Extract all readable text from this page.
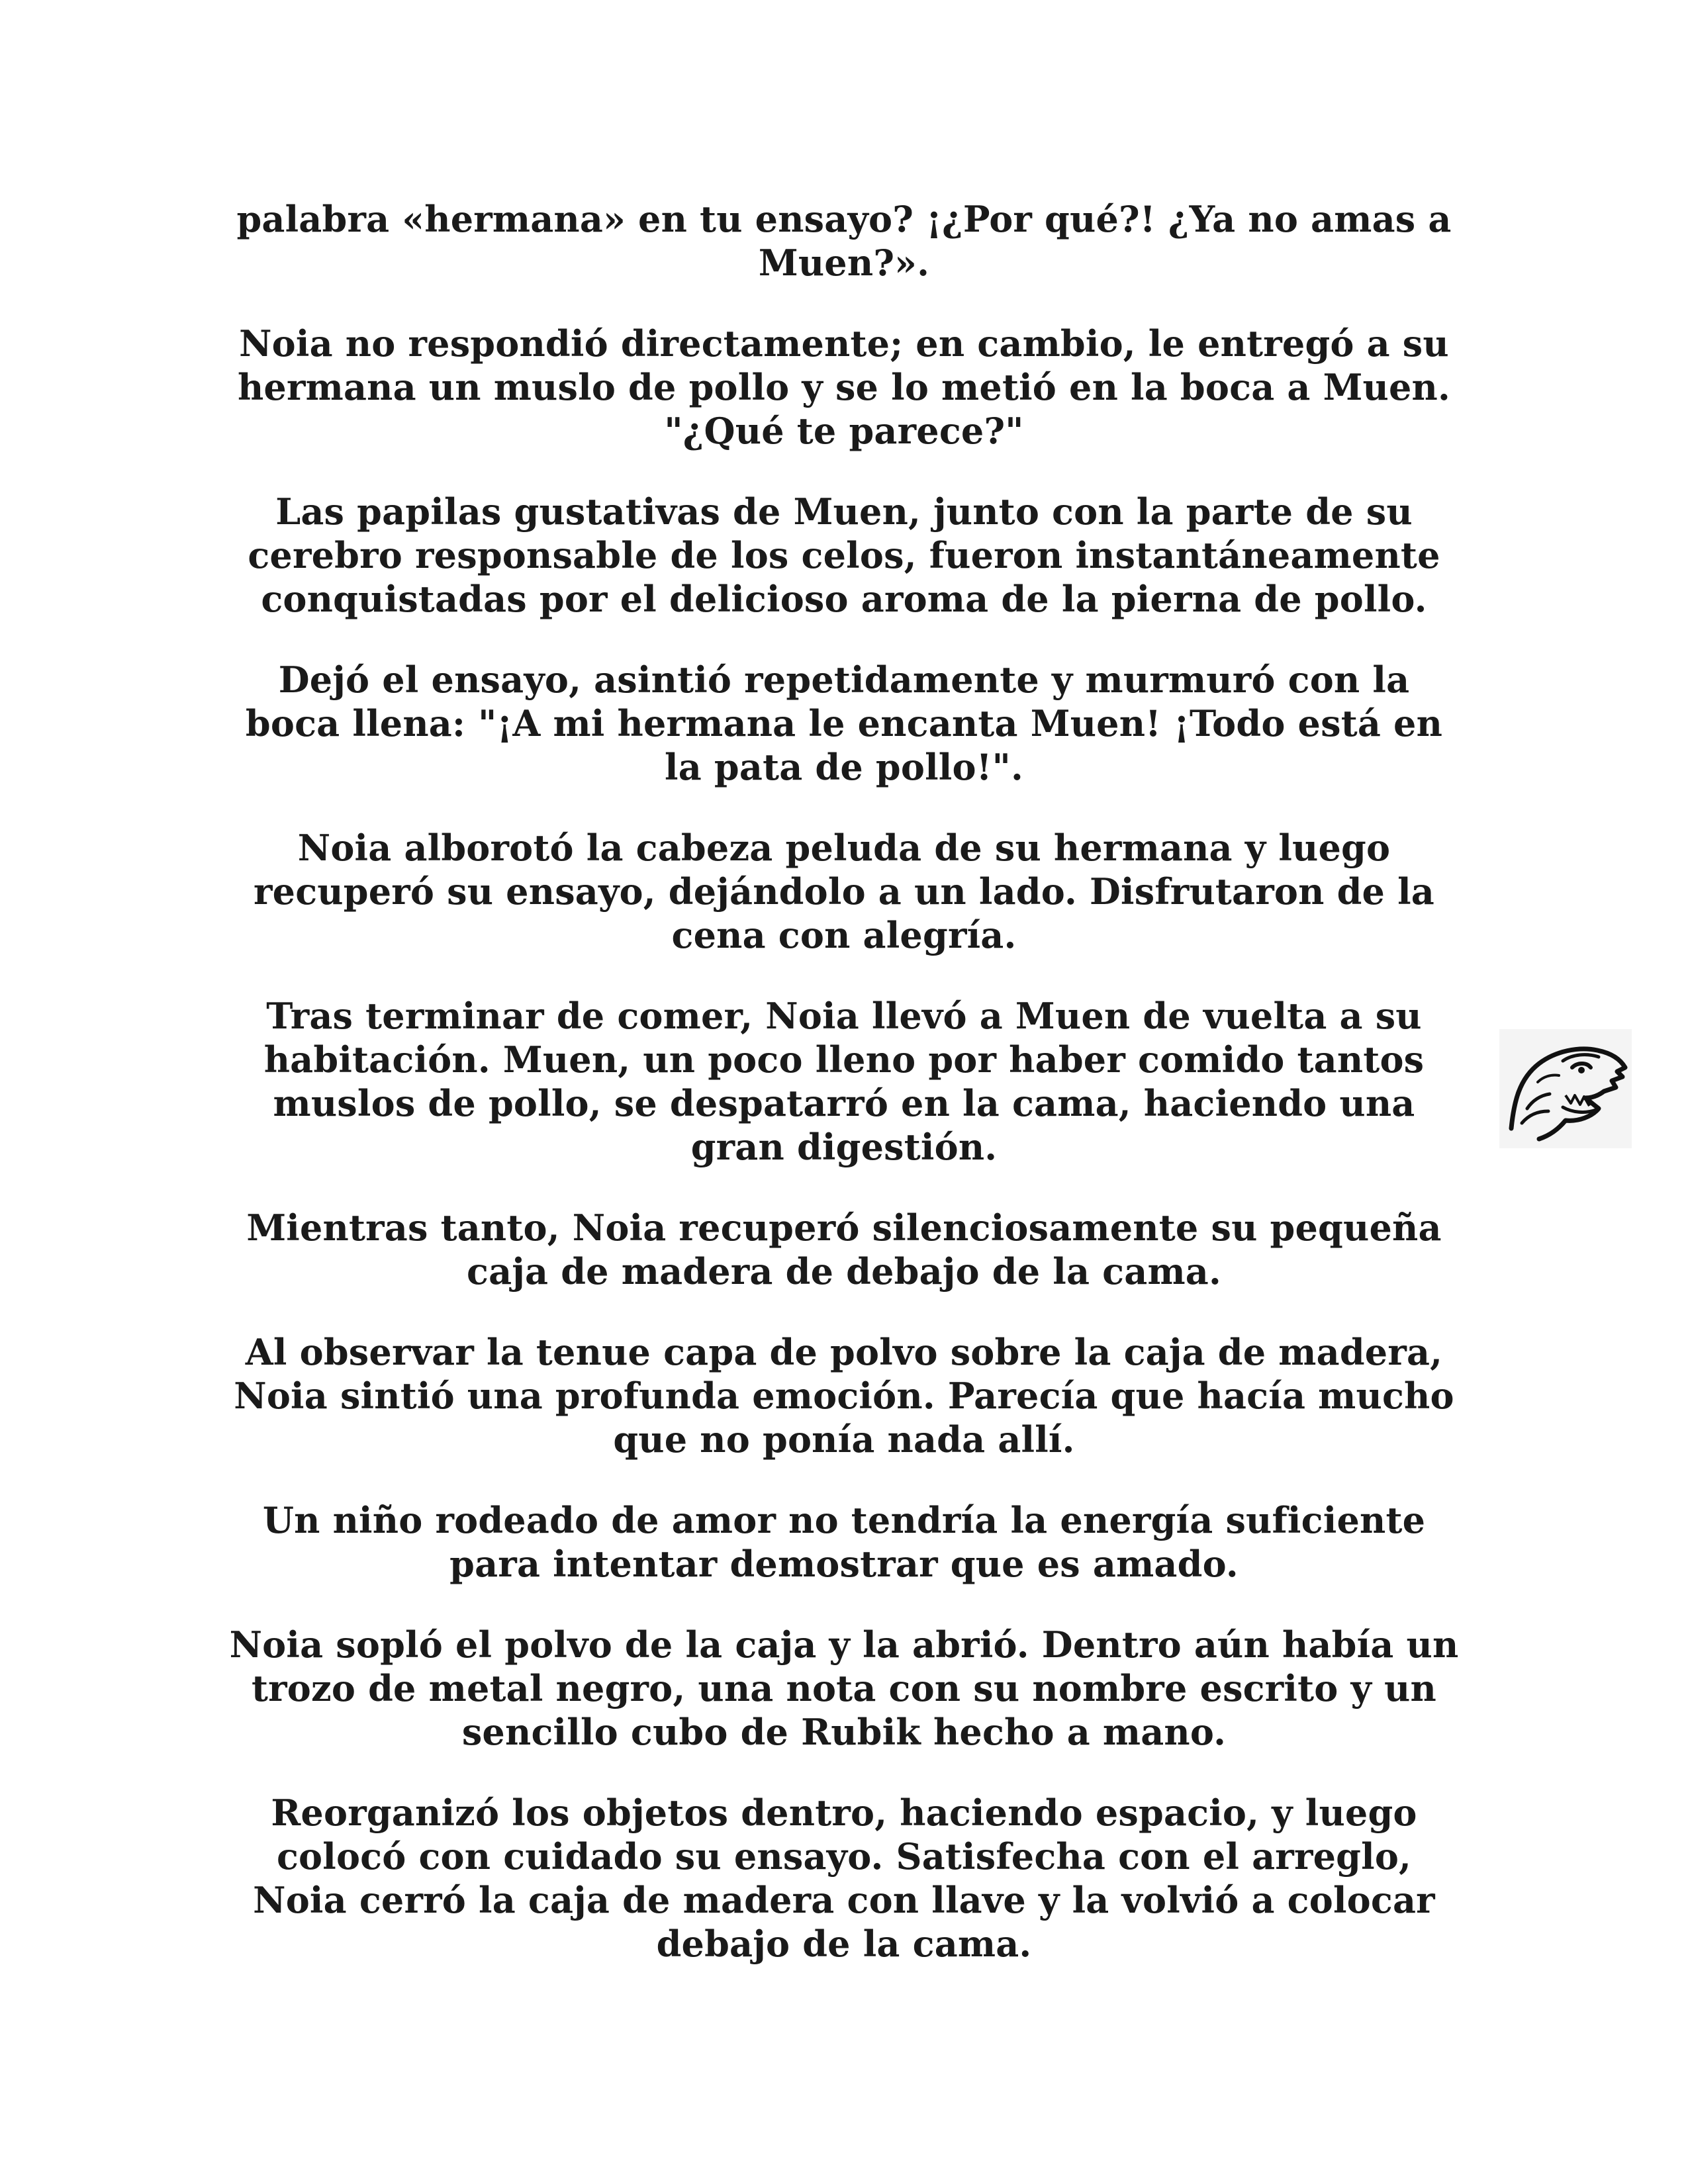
palabra «hermana» en tu ensayo? ¡¿Por qué?! ¿Ya no amas a Muen?».

Noia no respondió directamente; en cambio, le entregó a su hermana un muslo de pollo y se lo metió en la boca a Muen. "¿Qué te parece?"

Las papilas gustativas de Muen, junto con la parte de su cerebro responsable de los celos, fueron instantáneamente conquistadas por el delicioso aroma de la pierna de pollo.

Dejó el ensayo, asintió repetidamente y murmuró con la boca llena: "¡A mi hermana le encanta Muen! ¡Todo está en la pata de pollo!".

Noia alborotó la cabeza peluda de su hermana y luego recuperó su ensayo, dejándolo a un lado. Disfrutaron de la cena con alegría.

Tras terminar de comer, Noia llevó a Muen de vuelta a su habitación. Muen, un poco lleno por haber comido tantos muslos de pollo, se despatarró en la cama, haciendo una gran digestión.

Mientras tanto, Noia recuperó silenciosamente su pequeña caja de madera de debajo de la cama.

Al observar la tenue capa de polvo sobre la caja de madera, Noia sintió una profunda emoción. Parecía que hacía mucho que no ponía nada allí.

Un niño rodeado de amor no tendría la energía suficiente para intentar demostrar que es amado.

Noia sopló el polvo de la caja y la abrió. Dentro aún había un trozo de metal negro, una nota con su nombre escrito y un sencillo cubo de Rubik hecho a mano.

Reorganizó los objetos dentro, haciendo espacio, y luego colocó con cuidado su ensayo. Satisfecha con el arreglo, Noia cerró la caja de madera con llave y la volvió a colocar debajo de la cama.
